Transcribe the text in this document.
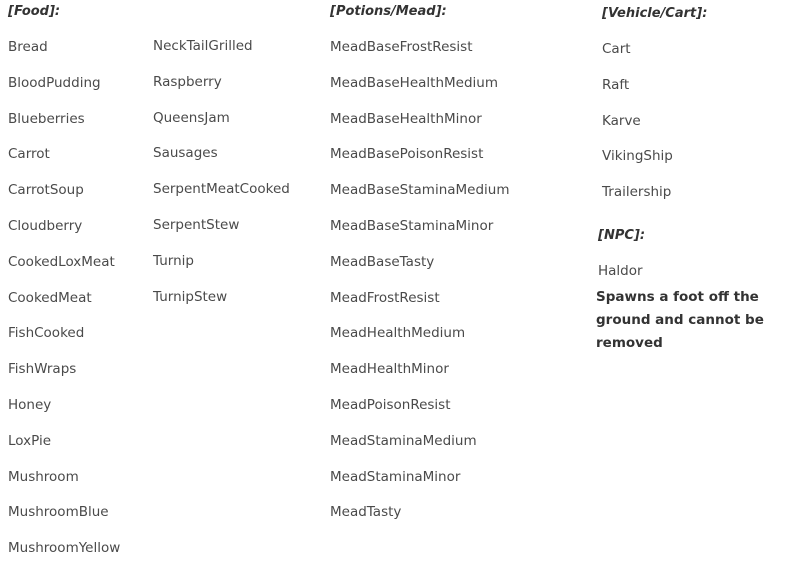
[Food]:
Bread
BloodPudding
Blueberries
Carrot
CarrotSoup
Cloudberry
CookedLoxMeat
CookedMeat
FishCooked
FishWraps
Honey
LoxPie
Mushroom
MushroomBlue
MushroomYellow
NeckTailGrilled
Raspberry
QueensJam
Sausages
SerpentMeatCooked
SerpentStew
Turnip
TurnipStew
[Potions/Mead]:
MeadBaseFrostResist
MeadBaseHealthMedium
MeadBaseHealthMinor
MeadBasePoisonResist
MeadBaseStaminaMedium
MeadBaseStaminaMinor
MeadBaseTasty
MeadFrostResist
MeadHealthMedium
MeadHealthMinor
MeadPoisonResist
MeadStaminaMedium
MeadStaminaMinor
MeadTasty
[Vehicle/Cart]:
Cart
Raft
Karve
VikingShip
Trailership
[NPC]:
Haldor
Spawns a foot off the ground and cannot be removed
